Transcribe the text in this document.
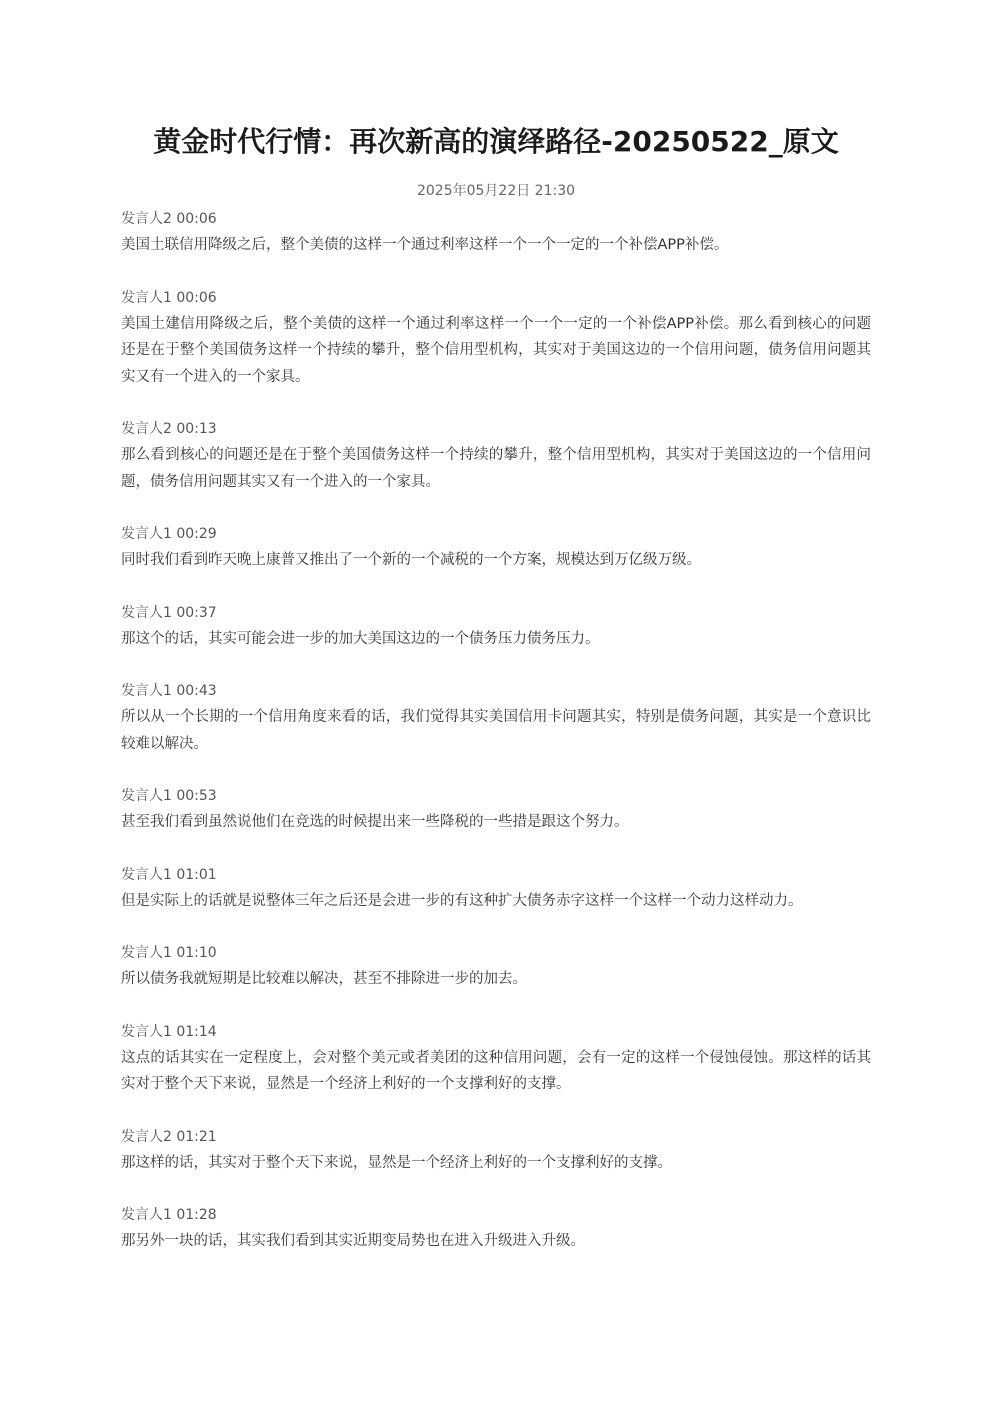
黄金时代行情：再次新高的演绎路径-20250522_原文
2025年05月22日 21:30
发言人2 00:06
美国土联信用降级之后，整个美债的这样一个通过利率这样一个一个一定的一个补偿APP补偿。
发言人1 00:06
美国土建信用降级之后，整个美债的这样一个通过利率这样一个一个一定的一个补偿APP补偿。那么看到核心的问题还是在于整个美国债务这样一个持续的攀升，整个信用型机构，其实对于美国这边的一个信用问题，债务信用问题其实又有一个进入的一个家具。
发言人2 00:13
那么看到核心的问题还是在于整个美国债务这样一个持续的攀升，整个信用型机构，其实对于美国这边的一个信用问题，债务信用问题其实又有一个进入的一个家具。
发言人1 00:29
同时我们看到昨天晚上康普又推出了一个新的一个减税的一个方案，规模达到万亿级万级。
发言人1 00:37
那这个的话，其实可能会进一步的加大美国这边的一个债务压力债务压力。
发言人1 00:43
所以从一个长期的一个信用角度来看的话，我们觉得其实美国信用卡问题其实，特别是债务问题，其实是一个意识比较难以解决。
发言人1 00:53
甚至我们看到虽然说他们在竞选的时候提出来一些降税的一些措是跟这个努力。
发言人1 01:01
但是实际上的话就是说整体三年之后还是会进一步的有这种扩大债务赤字这样一个这样一个动力这样动力。
发言人1 01:10
所以债务我就短期是比较难以解决，甚至不排除进一步的加去。
发言人1 01:14
这点的话其实在一定程度上，会对整个美元或者美团的这种信用问题，会有一定的这样一个侵蚀侵蚀。那这样的话其实对于整个天下来说，显然是一个经济上利好的一个支撑利好的支撑。
发言人2 01:21
那这样的话，其实对于整个天下来说，显然是一个经济上利好的一个支撑利好的支撑。
发言人1 01:28
那另外一块的话，其实我们看到其实近期变局势也在进入升级进入升级。
